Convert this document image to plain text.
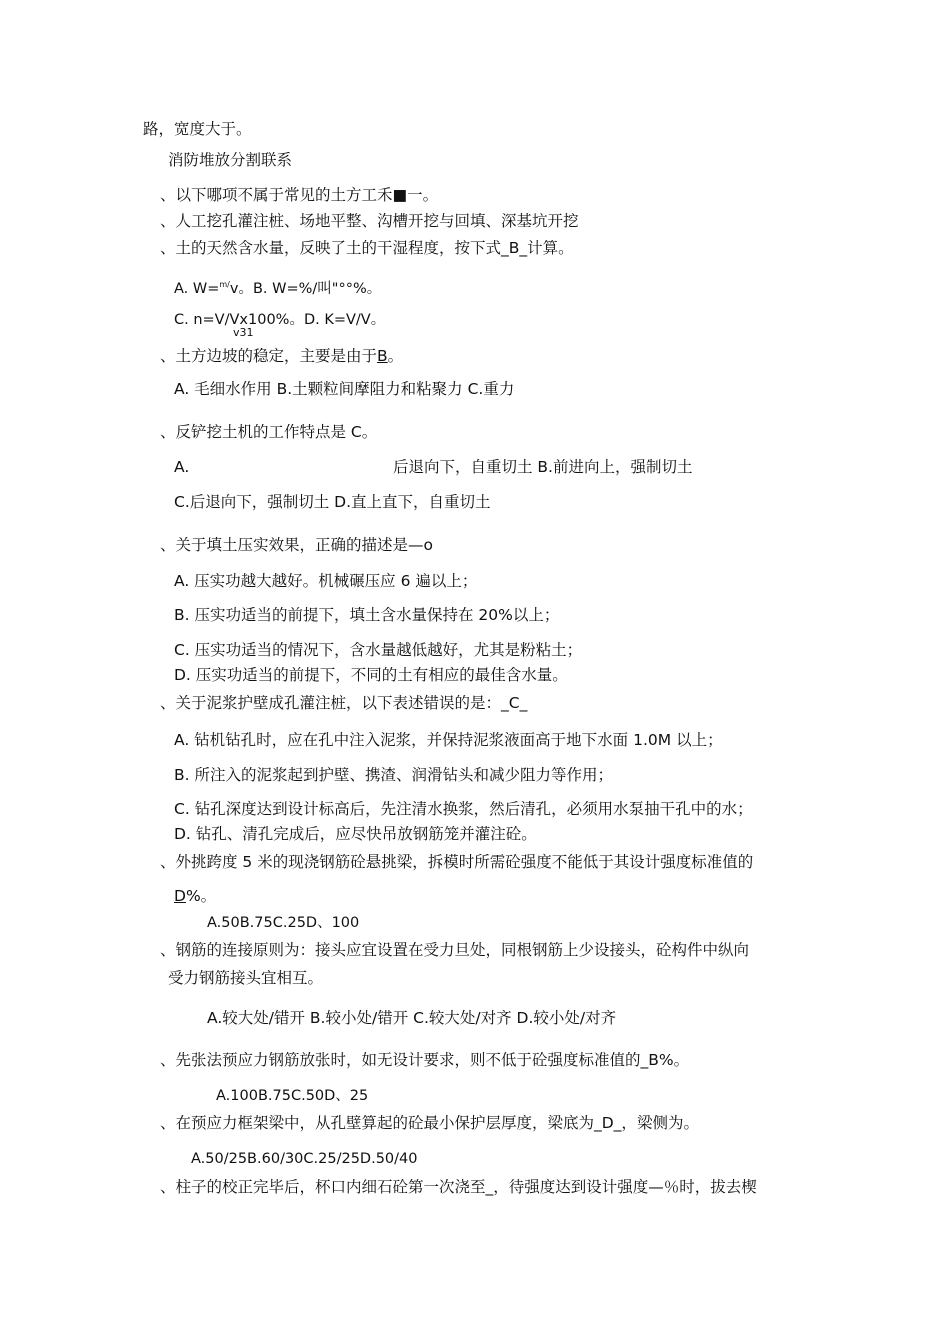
路，宽度大于。
消防堆放分割联系
、以下哪项不属于常见的土方工禾■一。
、人工挖孔灌注桩、场地平整、沟槽开挖与回填、深基坑开挖
、土的天然含水量，反映了土的干湿程度，按下式_B_计算。
A. W=$^{m/}$v。B. W=%/叫"°°%。
C. n=V/Vx100%。D. K=V/V。
v31
、土方边坡的稳定，主要是由于B。
A. 毛细水作用 B.土颗粒间摩阻力和粘聚力 C.重力
、反铲挖土机的工作特点是 C。
A.	后退向下，自重切土 B.前进向上，强制切土
C.后退向下，强制切土 D.直上直下，自重切土
、关于填土压实效果，正确的描述是—o
A. 压实功越大越好。机械碾压应 6 遍以上；
B. 压实功适当的前提下，填土含水量保持在 20%以上；
C. 压实功适当的情况下，含水量越低越好，尤其是粉粘土；
D. 压实功适当的前提下，不同的土有相应的最佳含水量。
、关于泥浆护壁成孔灌注桩，以下表述错误的是：_C_
A. 钻机钻孔时，应在孔中注入泥浆，并保持泥浆液面高于地下水面 1.0M 以上；
B. 所注入的泥浆起到护壁、携渣、润滑钻头和减少阻力等作用；
C. 钻孔深度达到设计标高后，先注清水换浆，然后清孔，必须用水泵抽干孔中的水；
D. 钻孔、清孔完成后，应尽快吊放钢筋笼并灌注砼。
、外挑跨度 5 米的现浇钢筋砼悬挑梁，拆模时所需砼强度不能低于其设计强度标准值的
D%。
A.50B.75C.25D、100
、钢筋的连接原则为：接头应宜设置在受力旦处，同根钢筋上少设接头，砼构件中纵向
受力钢筋接头宜相互。
A.较大处/错开 B.较小处/错开 C.较大处/对齐 D.较小处/对齐
、先张法预应力钢筋放张时，如无设计要求，则不低于砼强度标准值的_B%。
A.100B.75C.50D、25
、在预应力框架梁中，从孔壁算起的砼最小保护层厚度，梁底为_D_，梁侧为。
A.50/25B.60/30C.25/25D.50/40
、柱子的校正完毕后，杯口内细石砼第一次浇至_，待强度达到设计强度—％时，拔去楔
